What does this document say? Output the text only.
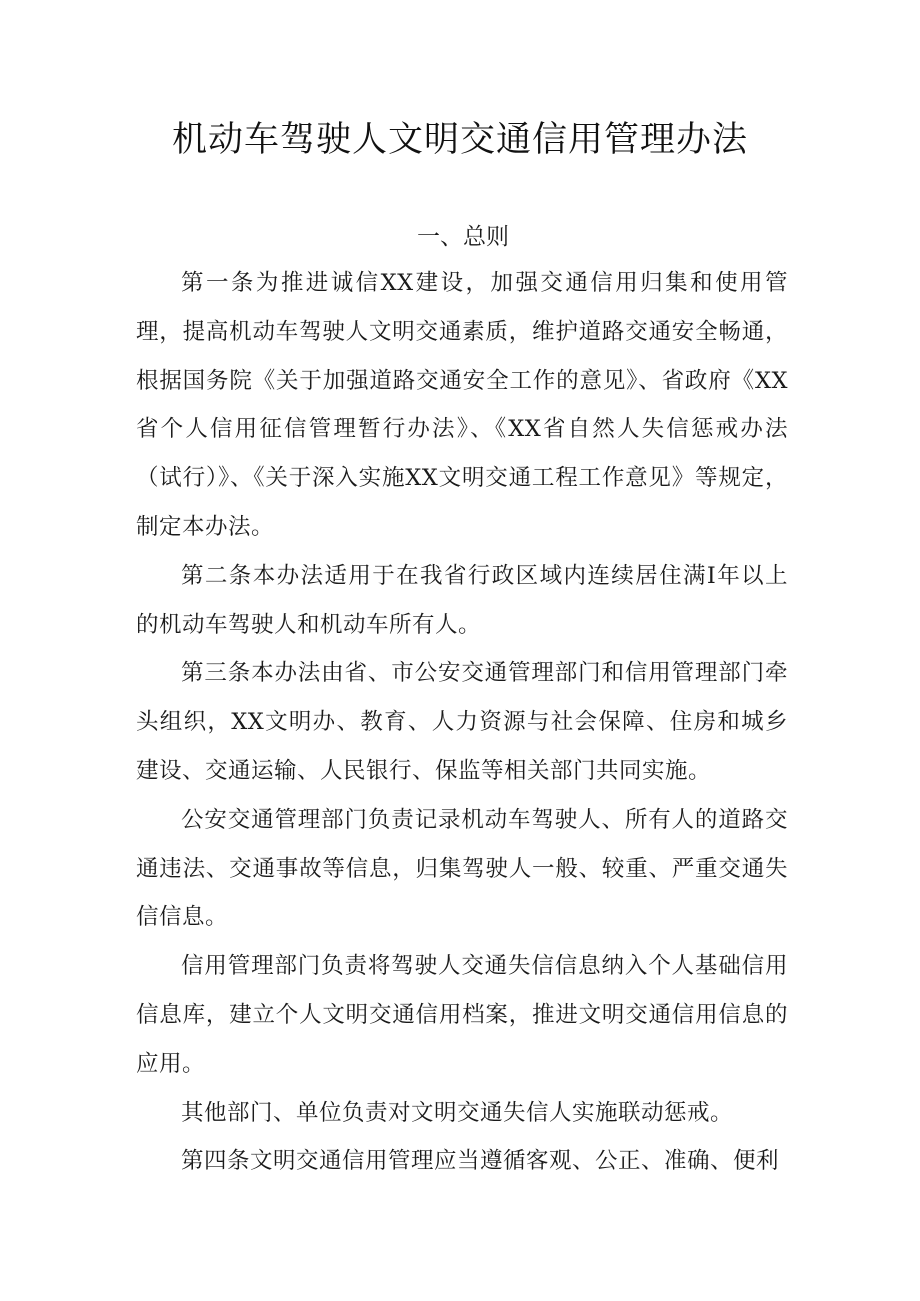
机动车驾驶人文明交通信用管理办法
一、总则

第一条为推进诚信XX建设，加强交通信用归集和使用管理，提高机动车驾驶人文明交通素质，维护道路交通安全畅通，根据国务院《关于加强道路交通安全工作的意见》、省政府《XX省个人信用征信管理暂行办法》、《XX省自然人失信惩戒办法（试行）》、《关于深入实施XX文明交通工程工作意见》等规定，制定本办法。

第二条本办法适用于在我省行政区域内连续居住满I年以上的机动车驾驶人和机动车所有人。

第三条本办法由省、市公安交通管理部门和信用管理部门牵头组织，XX文明办、教育、人力资源与社会保障、住房和城乡建设、交通运输、人民银行、保监等相关部门共同实施。

公安交通管理部门负责记录机动车驾驶人、所有人的道路交通违法、交通事故等信息，归集驾驶人一般、较重、严重交通失信信息。

信用管理部门负责将驾驶人交通失信信息纳入个人基础信用信息库，建立个人文明交通信用档案，推进文明交通信用信息的应用。

其他部门、单位负责对文明交通失信人实施联动惩戒。

第四条文明交通信用管理应当遵循客观、公正、准确、便利
